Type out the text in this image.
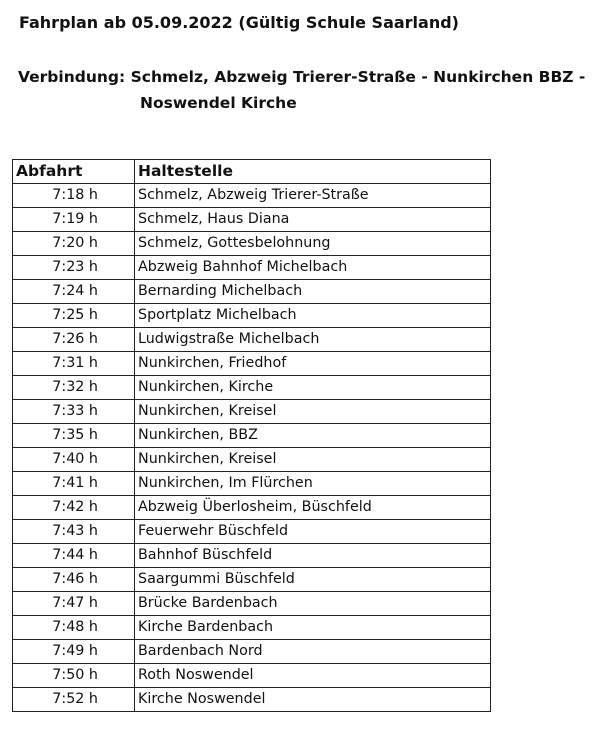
Fahrplan ab 05.09.2022 (Gültig Schule Saarland)
Verbindung: Schmelz, Abzweig Trierer-Straße - Nunkirchen BBZ -
Noswendel Kirche
Abfahrt	Haltestelle
7:18 h	Schmelz, Abzweig Trierer-Straße
7:19 h	Schmelz, Haus Diana
7:20 h	Schmelz, Gottesbelohnung
7:23 h	Abzweig Bahnhof Michelbach
7:24 h	Bernarding Michelbach
7:25 h	Sportplatz Michelbach
7:26 h	Ludwigstraße Michelbach
7:31 h	Nunkirchen, Friedhof
7:32 h	Nunkirchen, Kirche
7:33 h	Nunkirchen, Kreisel
7:35 h	Nunkirchen, BBZ
7:40 h	Nunkirchen, Kreisel
7:41 h	Nunkirchen, Im Flürchen
7:42 h	Abzweig Überlosheim, Büschfeld
7:43 h	Feuerwehr Büschfeld
7:44 h	Bahnhof Büschfeld
7:46 h	Saargummi Büschfeld
7:47 h	Brücke Bardenbach
7:48 h	Kirche Bardenbach
7:49 h	Bardenbach Nord
7:50 h	Roth Noswendel
7:52 h	Kirche Noswendel
